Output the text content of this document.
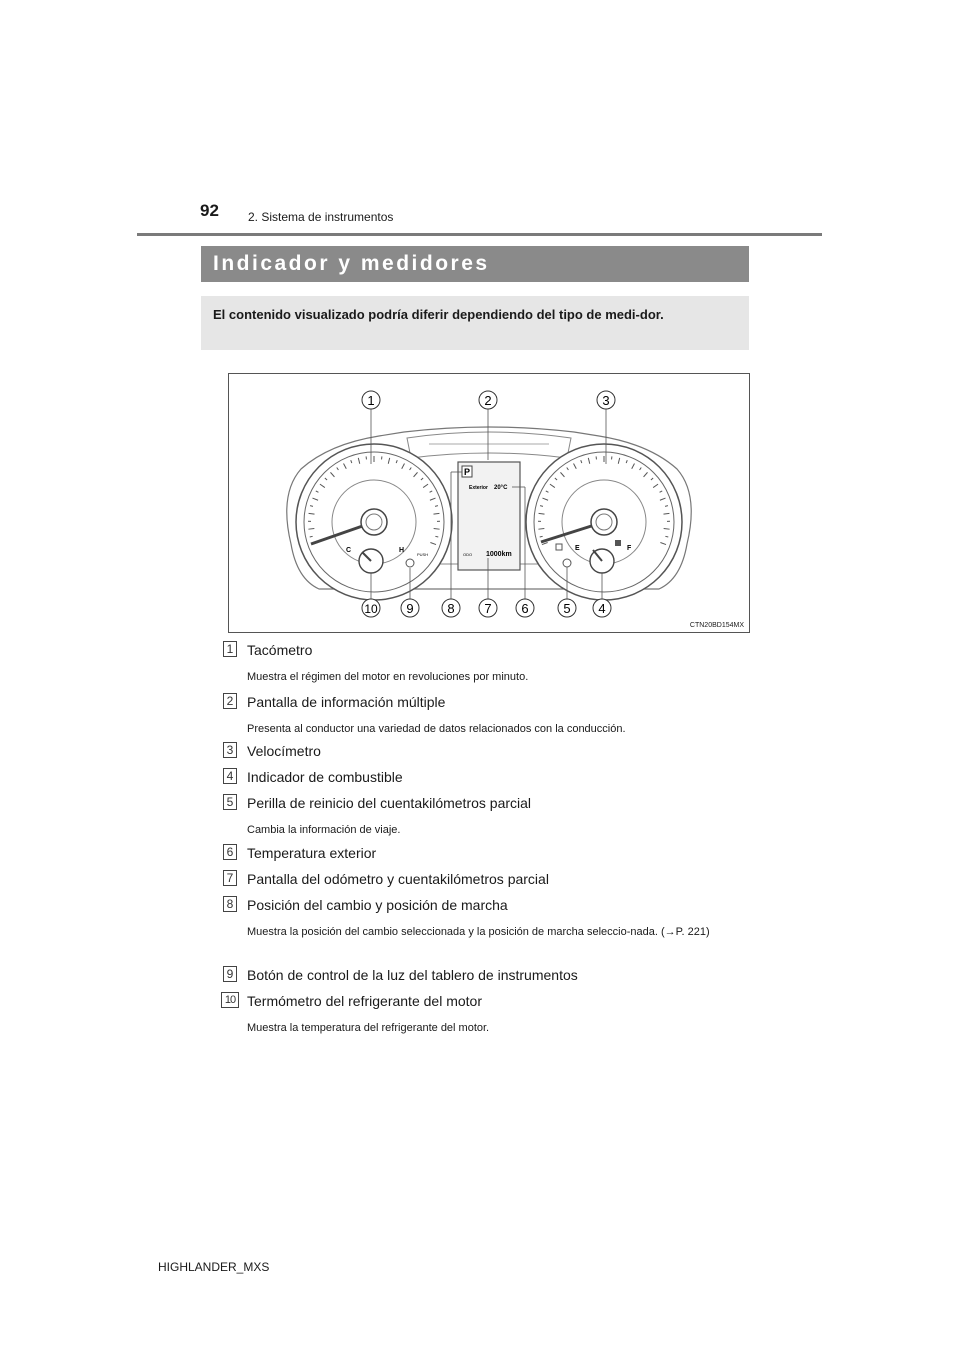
92 2. Sistema de instrumentos
Indicador y medidores
El contenido visualizado podría diferir dependiendo del tipo de medi-dor.
C	H
PUSH
E	F
P
Exterior 20°C
ODO 1000km
1	2	3
10 9	8 7 6	5 4
CTN20BD154MX
1 Tacómetro
Muestra el régimen del motor en revoluciones por minuto.
2 Pantalla de información múltiple
Presenta al conductor una variedad de datos relacionados con la conducción.
3 Velocímetro
4 Indicador de combustible
5 Perilla de reinicio del cuentakilómetros parcial
Cambia la información de viaje.
6 Temperatura exterior
7 Pantalla del odómetro y cuentakilómetros parcial
8 Posición del cambio y posición de marcha
Muestra la posición del cambio seleccionada y la posición de marcha seleccio-nada. (→P. 221)
9 Botón de control de la luz del tablero de instrumentos
10 Termómetro del refrigerante del motor
Muestra la temperatura del refrigerante del motor.
HIGHLANDER_MXS
